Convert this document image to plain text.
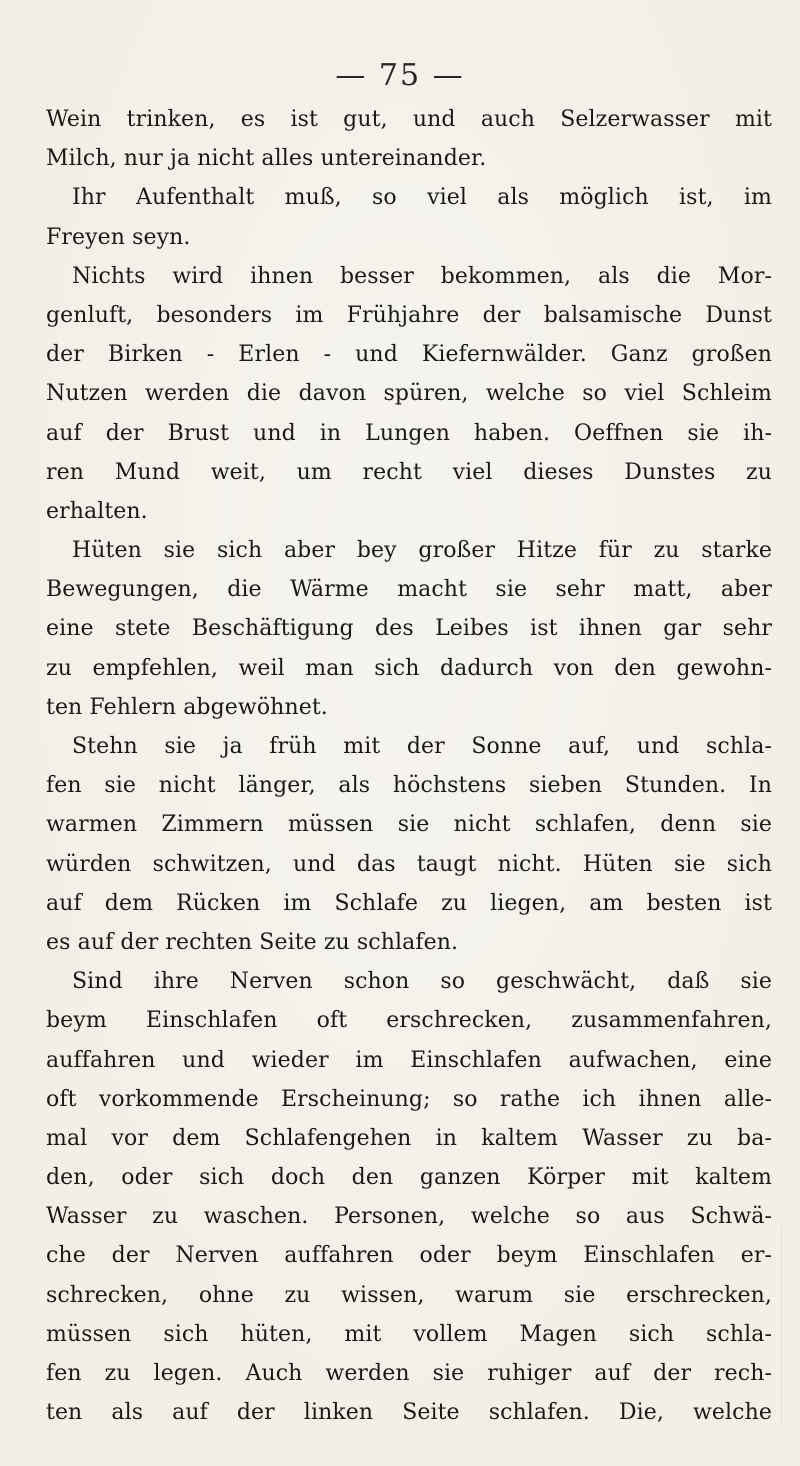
— 75 —
Wein trinken, es ist gut, und auch Selzerwasser mit
Milch, nur ja nicht alles untereinander.
Ihr Aufenthalt muß, so viel als möglich ist, im
Freyen seyn.
Nichts wird ihnen besser bekommen, als die Mor-
genluft, besonders im Frühjahre der balsamische Dunst
der Birken - Erlen - und Kiefernwälder. Ganz großen
Nutzen werden die davon spüren, welche so viel Schleim
auf der Brust und in Lungen haben. Oeffnen sie ih-
ren Mund weit, um recht viel dieses Dunstes zu
erhalten.
Hüten sie sich aber bey großer Hitze für zu starke
Bewegungen, die Wärme macht sie sehr matt, aber
eine stete Beschäftigung des Leibes ist ihnen gar sehr
zu empfehlen, weil man sich dadurch von den gewohn-
ten Fehlern abgewöhnet.
Stehn sie ja früh mit der Sonne auf, und schla-
fen sie nicht länger, als höchstens sieben Stunden. In
warmen Zimmern müssen sie nicht schlafen, denn sie
würden schwitzen, und das taugt nicht. Hüten sie sich
auf dem Rücken im Schlafe zu liegen, am besten ist
es auf der rechten Seite zu schlafen.
Sind ihre Nerven schon so geschwächt, daß sie
beym Einschlafen oft erschrecken, zusammenfahren,
auffahren und wieder im Einschlafen aufwachen, eine
oft vorkommende Erscheinung; so rathe ich ihnen alle-
mal vor dem Schlafengehen in kaltem Wasser zu ba-
den, oder sich doch den ganzen Körper mit kaltem
Wasser zu waschen. Personen, welche so aus Schwä-
che der Nerven auffahren oder beym Einschlafen er-
schrecken, ohne zu wissen, warum sie erschrecken,
müssen sich hüten, mit vollem Magen sich schla-
fen zu legen. Auch werden sie ruhiger auf der rech-
ten als auf der linken Seite schlafen. Die, welche
